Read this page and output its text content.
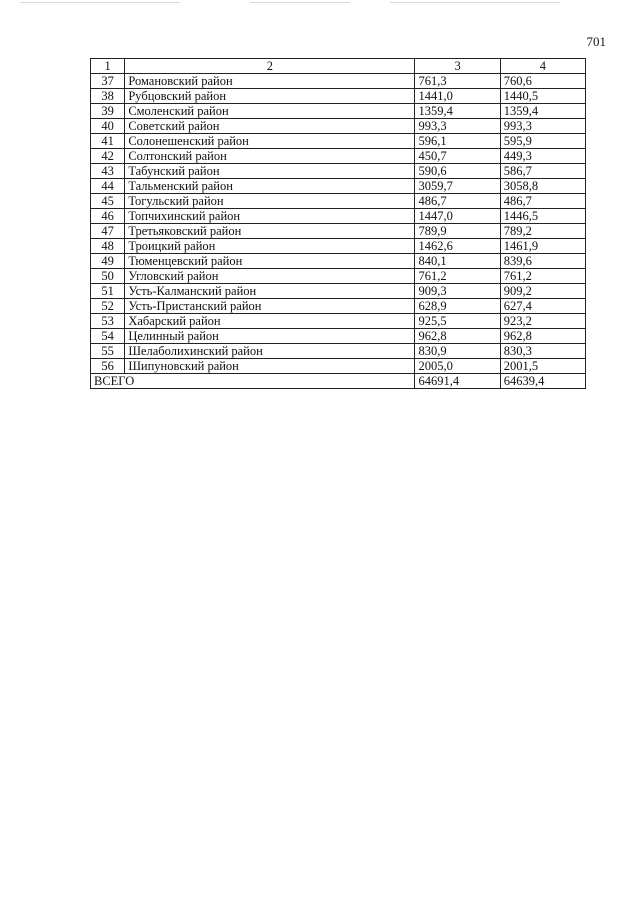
701
1	2	3	4
37	Романовский район	761,3	760,6
38	Рубцовский район	1441,0	1440,5
39	Смоленский район	1359,4	1359,4
40	Советский район	993,3	993,3
41	Солонешенский район	596,1	595,9
42	Солтонский район	450,7	449,3
43	Табунский район	590,6	586,7
44	Тальменский район	3059,7	3058,8
45	Тогульский район	486,7	486,7
46	Топчихинский район	1447,0	1446,5
47	Третьяковский район	789,9	789,2
48	Троицкий район	1462,6	1461,9
49	Тюменцевский район	840,1	839,6
50	Угловский район	761,2	761,2
51	Усть-Калманский район	909,3	909,2
52	Усть-Пристанский район	628,9	627,4
53	Хабарский район	925,5	923,2
54	Целинный район	962,8	962,8
55	Шелаболихинский район	830,9	830,3
56	Шипуновский район	2005,0	2001,5
ВСЕГО		64691,4	64639,4
